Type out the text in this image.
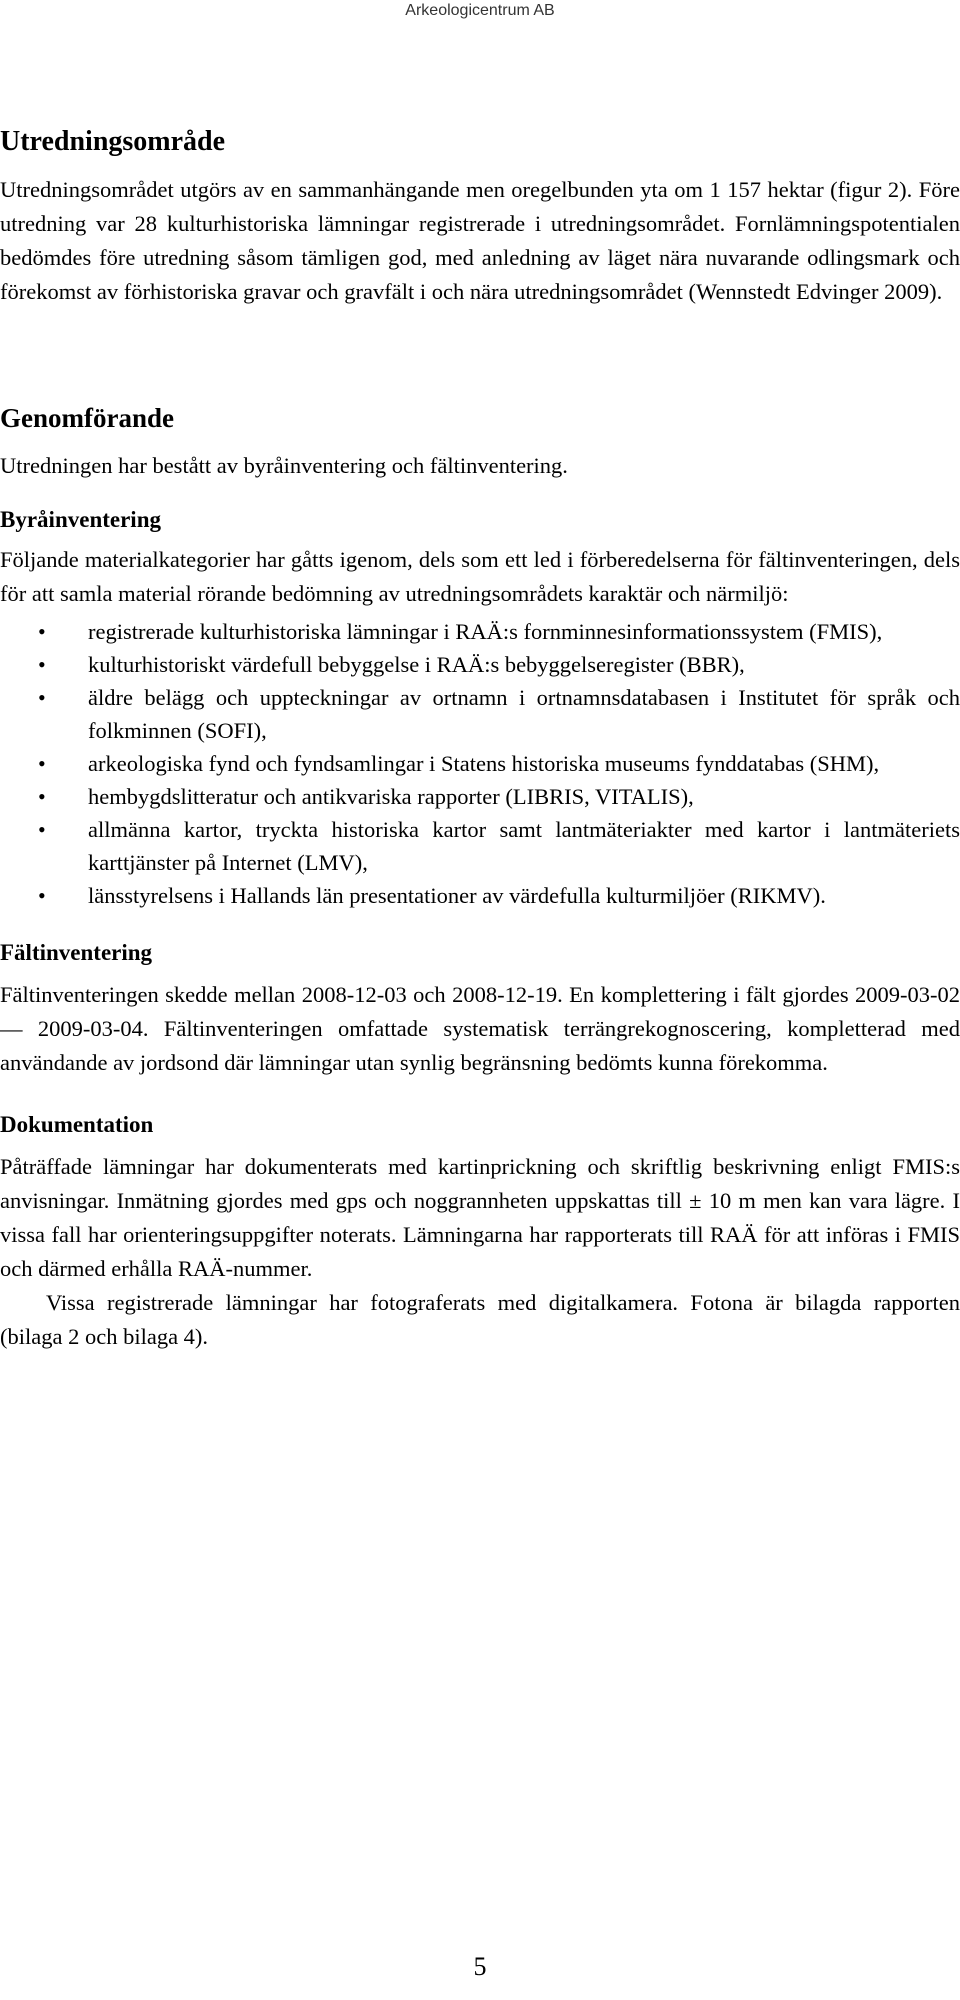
Arkeologicentrum AB
Utredningsområde

Utredningsområdet utgörs av en sammanhängande men oregelbunden yta om 1 157 hektar (figur 2). Före utredning var 28 kulturhistoriska lämningar registrerade i utredningsområdet. Fornlämningspotentialen bedömdes före utredning såsom tämligen god, med anledning av läget nära nuvarande odlingsmark och förekomst av förhistoriska gravar och gravfält i och nära utredningsområdet (Wennstedt Edvinger 2009).

Genomförande

Utredningen har bestått av byråinventering och fältinventering.

Byråinventering

Följande materialkategorier har gåtts igenom, dels som ett led i förberedelserna för fältinventeringen, dels för att samla material rörande bedömning av utredningsområdets karaktär och närmiljö:

• registrerade kulturhistoriska lämningar i RAÄ:s fornminnesinformationssystem (FMIS),
• kulturhistoriskt värdefull bebyggelse i RAÄ:s bebyggelseregister (BBR),
• äldre belägg och uppteckningar av ortnamn i ortnamnsdatabasen i Institutet för språk och folkminnen (SOFI),
• arkeologiska fynd och fyndsamlingar i Statens historiska museums fynddatabas (SHM),
• hembygdslitteratur och antikvariska rapporter (LIBRIS, VITALIS),
• allmänna kartor, tryckta historiska kartor samt lantmäteriakter med kartor i lantmäteriets karttjänster på Internet (LMV),
• länsstyrelsens i Hallands län presentationer av värdefulla kulturmiljöer (RIKMV).
Fältinventering

Fältinventeringen skedde mellan 2008-12-03 och 2008-12-19. En komplettering i fält gjordes 2009-03-02 — 2009-03-04. Fältinventeringen omfattade systematisk terrängrekognoscering, kompletterad med användande av jordsond där lämningar utan synlig begränsning bedömts kunna förekomma.

Dokumentation

Påträffade lämningar har dokumenterats med kartinprickning och skriftlig beskrivning enligt FMIS:s anvisningar. Inmätning gjordes med gps och noggrannheten uppskattas till ± 10 m men kan vara lägre. I vissa fall har orienteringsuppgifter noterats. Lämningarna har rapporterats till RAÄ för att införas i FMIS och därmed erhålla RAÄ-nummer.

Vissa registrerade lämningar har fotograferats med digitalkamera. Fotona är bilagda rapporten (bilaga 2 och bilaga 4).

5
